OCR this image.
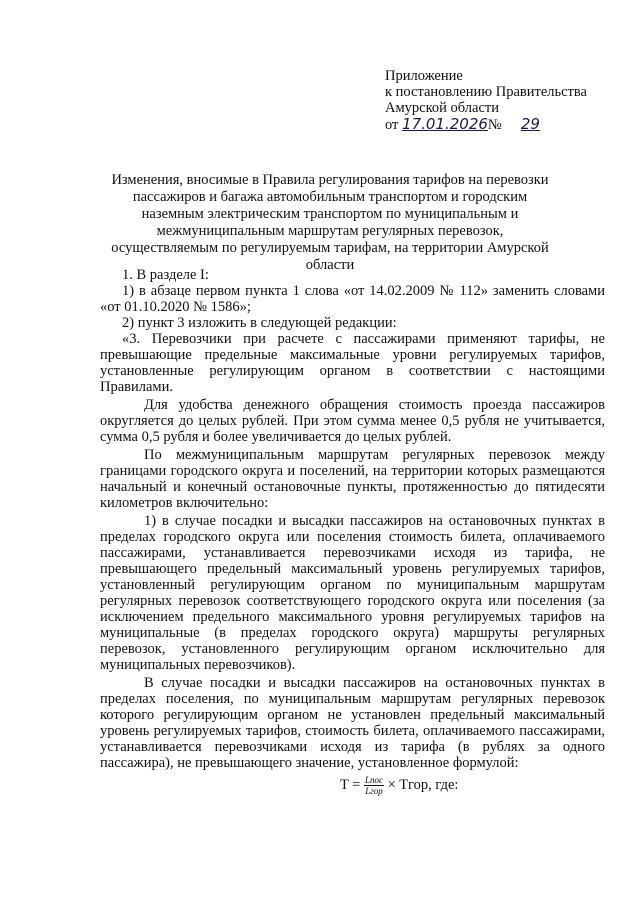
Приложение
к постановлению Правительства
Амурской области
от 17.01.2026№ 29
Изменения, вносимые в Правила регулирования тарифов на перевозки пассажиров и багажа автомобильным транспортом и городским наземным электрическим транспортом по муниципальным и межмуниципальным маршрутам регулярных перевозок, осуществляемым по регулируемым тарифам, на территории Амурской области

1. В разделе I:

1) в абзаце первом пункта 1 слова «от 14.02.2009 № 112» заменить словами «от 01.10.2020 № 1586»;

2) пункт 3 изложить в следующей редакции:

«3. Перевозчики при расчете с пассажирами применяют тарифы, не превышающие предельные максимальные уровни регулируемых тарифов, установленные регулирующим органом в соответствии с настоящими Правилами.

Для удобства денежного обращения стоимость проезда пассажиров округляется до целых рублей. При этом сумма менее 0,5 рубля не учитывается, сумма 0,5 рубля и более увеличивается до целых рублей.

По межмуниципальным маршрутам регулярных перевозок между границами городского округа и поселений, на территории которых размещаются начальный и конечный остановочные пункты, протяженностью до пятидесяти километров включительно:

1) в случае посадки и высадки пассажиров на остановочных пунктах в пределах городского округа или поселения стоимость билета, оплачиваемого пассажирами, устанавливается перевозчиками исходя из тарифа, не превышающего предельный максимальный уровень регулируемых тарифов, установленный регулирующим органом по муниципальным маршрутам регулярных перевозок соответствующего городского округа или поселения (за исключением предельного максимального уровня регулируемых тарифов на муниципальные (в пределах городского округа) маршруты регулярных перевозок, установленного регулирующим органом исключительно для муниципальных перевозчиков).

В случае посадки и высадки пассажиров на остановочных пунктах в пределах поселения, по муниципальным маршрутам регулярных перевозок которого регулирующим органом не установлен предельный максимальный уровень регулируемых тарифов, стоимость билета, оплачиваемого пассажирами, устанавливается перевозчиками исходя из тарифа (в рублях за одного пассажира), не превышающего значение, установленное формулой:

$T = \frac{\text{Lпос}}{\text{Lгор}}$ × Tгор, где:
